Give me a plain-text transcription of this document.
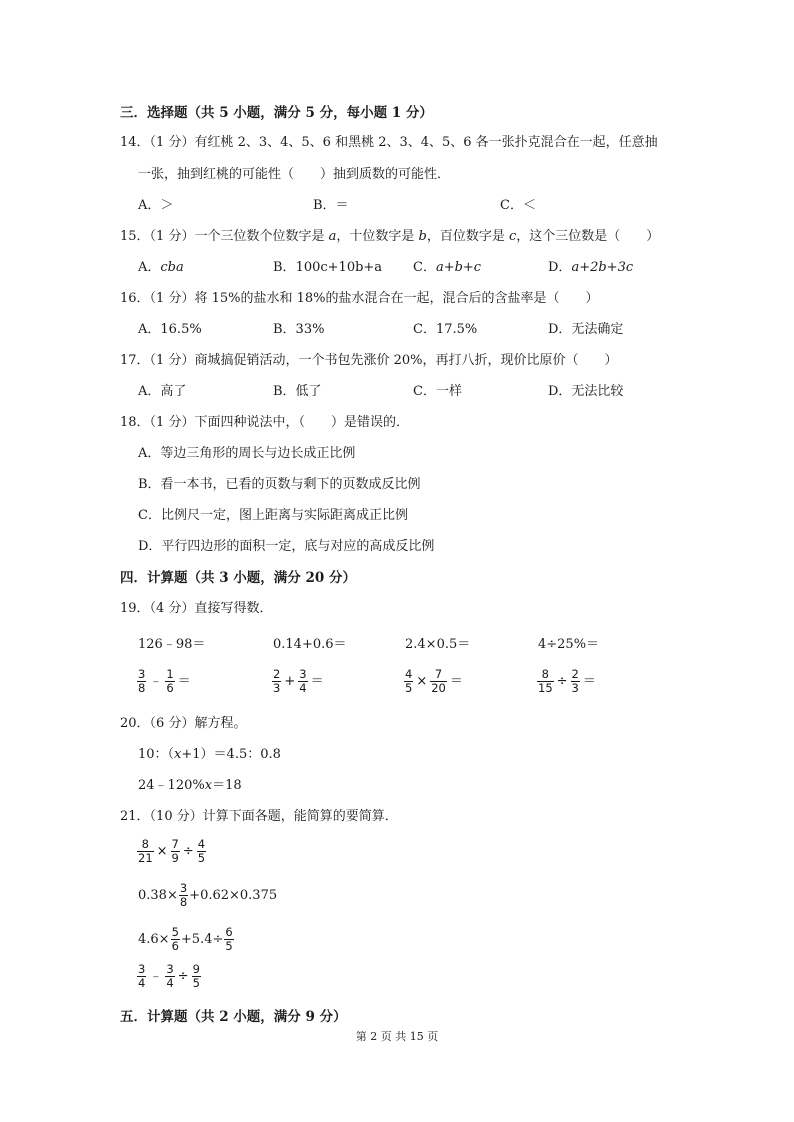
三．选择题（共 5 小题，满分 5 分，每小题 1 分）
14．（1 分）有红桃 2、3、4、5、6 和黑桃 2、3、4、5、6 各一张扑克混合在一起，任意抽
一张，抽到红桃的可能性（　　）抽到质数的可能性．
A．＞	B．＝	C．＜
15．（1 分）一个三位数个位数字是 a，十位数字是 b，百位数字是 c，这个三位数是（　　）
A．cba	B．100c+10b+a C．a+b+c	D．a+2b+3c
16．（1 分）将 15%的盐水和 18%的盐水混合在一起，混合后的含盐率是（　　）
A．16.5%	B．33%	C．17.5%	D．无法确定
17．（1 分）商城搞促销活动，一个书包先涨价 20%，再打八折，现价比原价（　　）
A．高了	B．低了	C．一样	D．无法比较
18．（1 分）下面四种说法中，（　　）是错误的．
A．等边三角形的周长与边长成正比例
B．看一本书，已看的页数与剩下的页数成反比例
C．比例尺一定，图上距离与实际距离成正比例
D．平行四边形的面积一定，底与对应的高成反比例
四．计算题（共 3 小题，满分 20 分）
19．（4 分）直接写得数．
126﹣98＝	0.14+0.6＝	2.4×0.5＝	4÷25%＝
$\frac{3}{8}$ ﹣ $\frac{1}{6}$ ＝	$\frac{2}{3} + \frac{3}{4}$ ＝	$\frac{4}{5} \times \frac{7}{20}$ ＝	$\frac{8}{15} \div \frac{2}{3}$ ＝
20．（6 分）解方程。
10：（x+1）＝4.5：0.8
24﹣120%x＝18
21．（10 分）计算下面各题，能简算的要简算．
$\frac{8}{21} \times \frac{7}{9} \div \frac{4}{5}$
$0.38\times \frac{3}{8} +0.62\times 0.375$
$4.6\times \frac{5}{6} +5.4\div \frac{6}{5}$
$\frac{3}{4}$ ﹣ $\frac{3}{4} \div \frac{9}{5}$
五．计算题（共 2 小题，满分 9 分）
第 2 页 共 15 页
